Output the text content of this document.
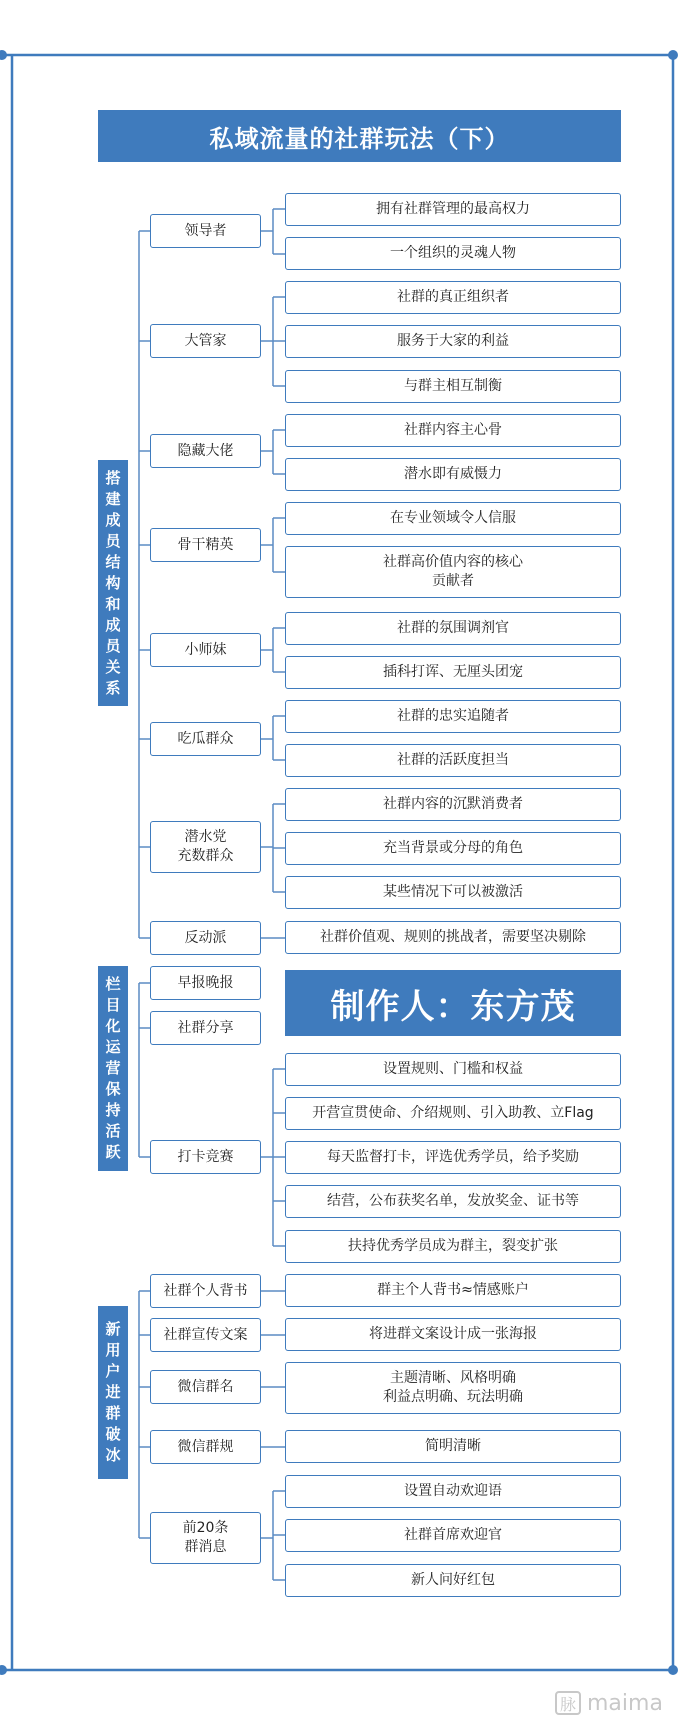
私域流量的社群玩法（下）
搭
建
成
员
结
构
和
成
员
关
系
领导者
拥有社群管理的最高权力
一个组织的灵魂人物
大管家
社群的真正组织者
服务于大家的利益
与群主相互制衡
隐藏大佬
社群内容主心骨
潜水即有威慑力
骨干精英
在专业领域令人信服
社群高价值内容的核心
贡献者
小师妹
社群的氛围调剂官
插科打诨、无厘头团宠
吃瓜群众
社群的忠实追随者
社群的活跃度担当
潜水党
充数群众
社群内容的沉默消费者
充当背景或分母的角色
某些情况下可以被激活
反动派	社群价值观、规则的挑战者，需要坚决剔除
栏
目
化
运
营
保
持
活
跃
早报晚报
社群分享
制作人：东方茂
打卡竞赛
设置规则、门槛和权益
开营宣贯使命、介绍规则、引入助教、立Flag
每天监督打卡，评选优秀学员，给予奖励
结营，公布获奖名单，发放奖金、证书等
扶持优秀学员成为群主，裂变扩张
新
用
户
进
群
破
冰
社群个人背书	群主个人背书≈情感账户
社群宣传文案	将进群文案设计成一张海报
微信群名
主题清晰、风格明确
利益点明确、玩法明确
微信群规	简明清晰
前20条
群消息
设置自动欢迎语
社群首席欢迎官
新人问好红包
脉 maima
